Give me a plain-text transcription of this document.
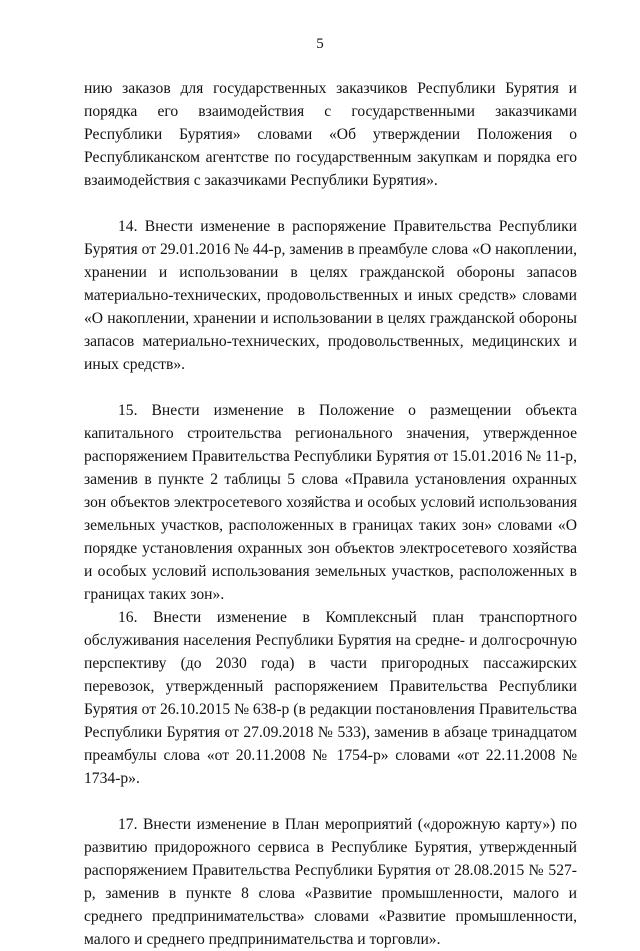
5

нию заказов для государственных заказчиков Республики Бурятия и порядка его взаимодействия с государственными заказчиками Республики Бурятия» словами «Об утверждении Положения о Республиканском агентстве по государственным закупкам и порядка его взаимодействия с заказчиками Республики Бурятия».

14. Внести изменение в распоряжение Правительства Республики Бурятия от 29.01.2016 № 44-р, заменив в преамбуле слова «О накоплении, хранении и использовании в целях гражданской обороны запасов материально-технических, продовольственных и иных средств» словами «О накоплении, хранении и использовании в целях гражданской обороны запасов материально-технических, продовольственных, медицинских и иных средств».

15. Внести изменение в Положение о размещении объекта капитального строительства регионального значения, утвержденное распоряжением Правительства Республики Бурятия от 15.01.2016 № 11-р, заменив в пункте 2 таблицы 5 слова «Правила установления охранных зон объектов электросетевого хозяйства и особых условий использования земельных участков, расположенных в границах таких зон» словами «О порядке установления охранных зон объектов электросетевого хозяйства и особых условий использования земельных участков, расположенных в границах таких зон».

16. Внести изменение в Комплексный план транспортного обслуживания населения Республики Бурятия на средне- и долгосрочную перспективу (до 2030 года) в части пригородных пассажирских перевозок, утвержденный распоряжением Правительства Республики Бурятия от 26.10.2015 № 638-р (в редакции постановления Правительства Республики Бурятия от 27.09.2018 № 533), заменив в абзаце тринадцатом преамбулы слова «от 20.11.2008 № 1754-р» словами «от 22.11.2008 № 1734-р».

17. Внести изменение в План мероприятий («дорожную карту») по развитию придорожного сервиса в Республике Бурятия, утвержденный распоряжением Правительства Республики Бурятия от 28.08.2015 № 527-р, заменив в пункте 8 слова «Развитие промышленности, малого и среднего предпринимательства» словами «Развитие промышленности, малого и среднего предпринимательства и торговли».
